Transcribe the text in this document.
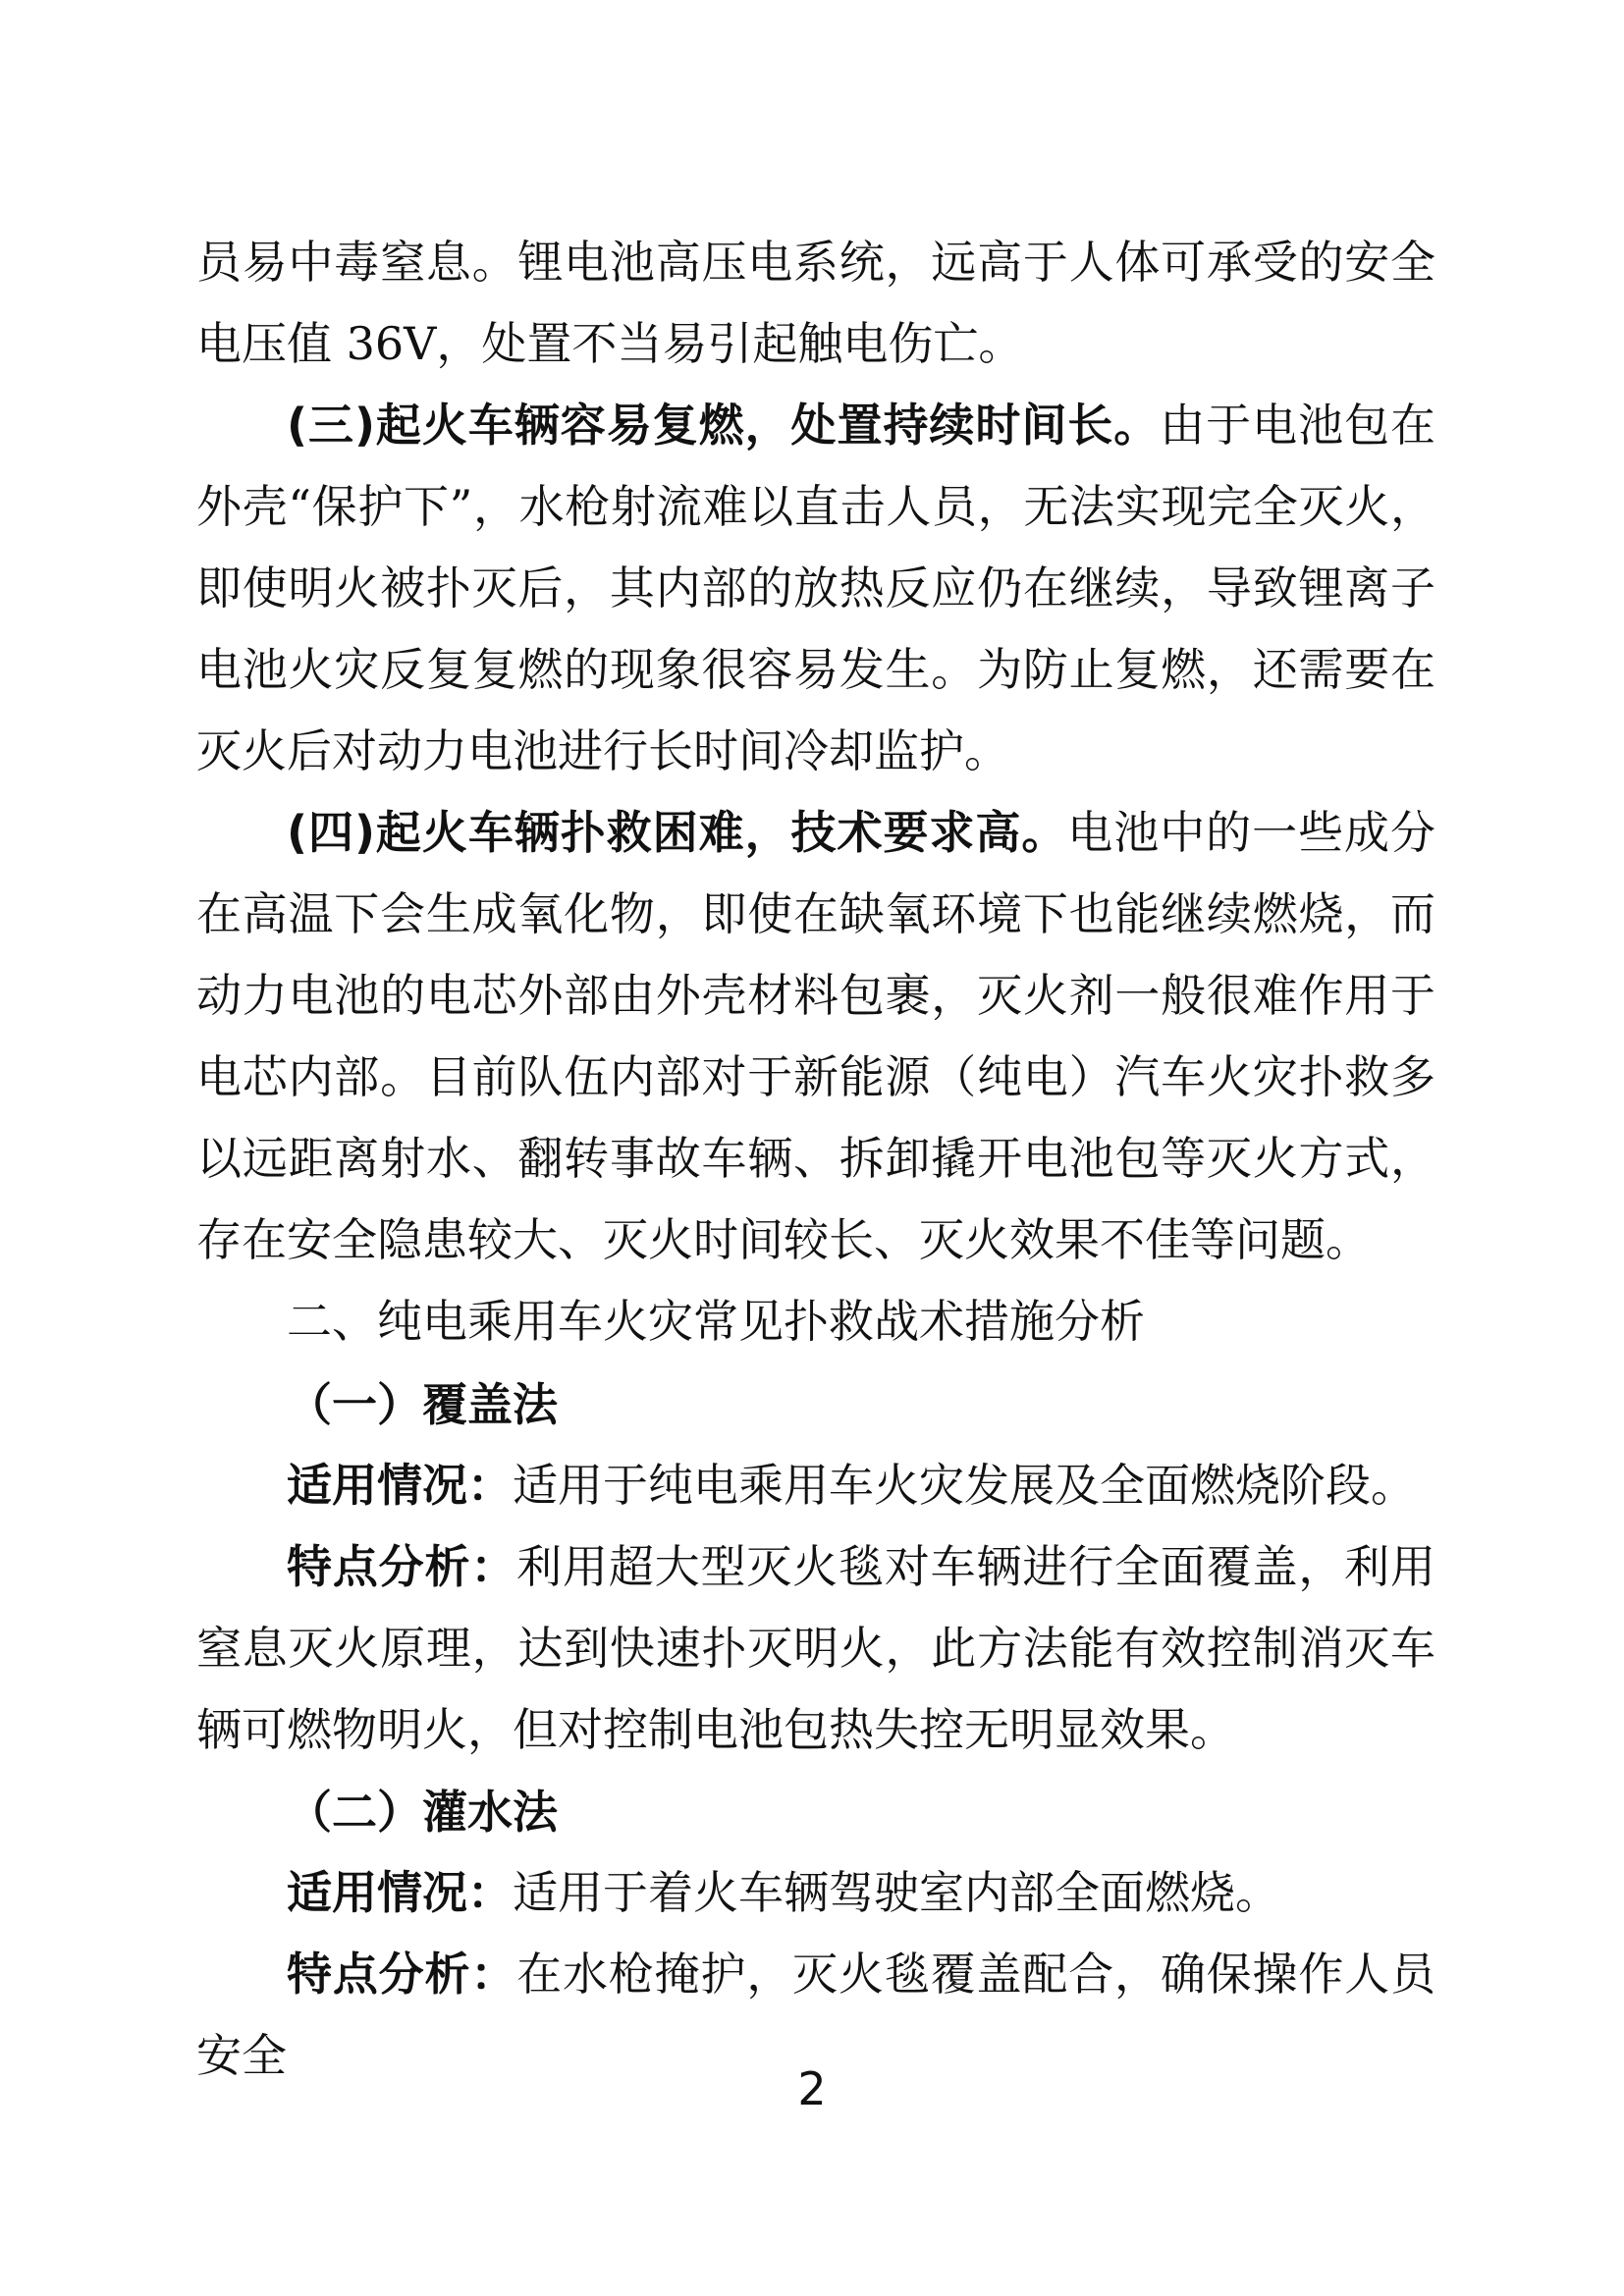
员易中毒窒息。锂电池高压电系统，远高于人体可承受的安全电压值 36V，处置不当易引起触电伤亡。

(三)起火车辆容易复燃，处置持续时间长。由于电池包在外壳“保护下”，水枪射流难以直击人员，无法实现完全灭火，即使明火被扑灭后，其内部的放热反应仍在继续，导致锂离子电池火灾反复复燃的现象很容易发生。为防止复燃，还需要在灭火后对动力电池进行长时间冷却监护。

(四)起火车辆扑救困难，技术要求高。电池中的一些成分在高温下会生成氧化物，即使在缺氧环境下也能继续燃烧，而动力电池的电芯外部由外壳材料包裹，灭火剂一般很难作用于电芯内部。目前队伍内部对于新能源（纯电）汽车火灾扑救多以远距离射水、翻转事故车辆、拆卸撬开电池包等灭火方式，存在安全隐患较大、灭火时间较长、灭火效果不佳等问题。

二、纯电乘用车火灾常见扑救战术措施分析

（一）覆盖法

适用情况：适用于纯电乘用车火灾发展及全面燃烧阶段。

特点分析：利用超大型灭火毯对车辆进行全面覆盖，利用窒息灭火原理，达到快速扑灭明火，此方法能有效控制消灭车辆可燃物明火，但对控制电池包热失控无明显效果。

（二）灌水法

适用情况：适用于着火车辆驾驶室内部全面燃烧。

特点分析：在水枪掩护，灭火毯覆盖配合，确保操作人员安全

2
